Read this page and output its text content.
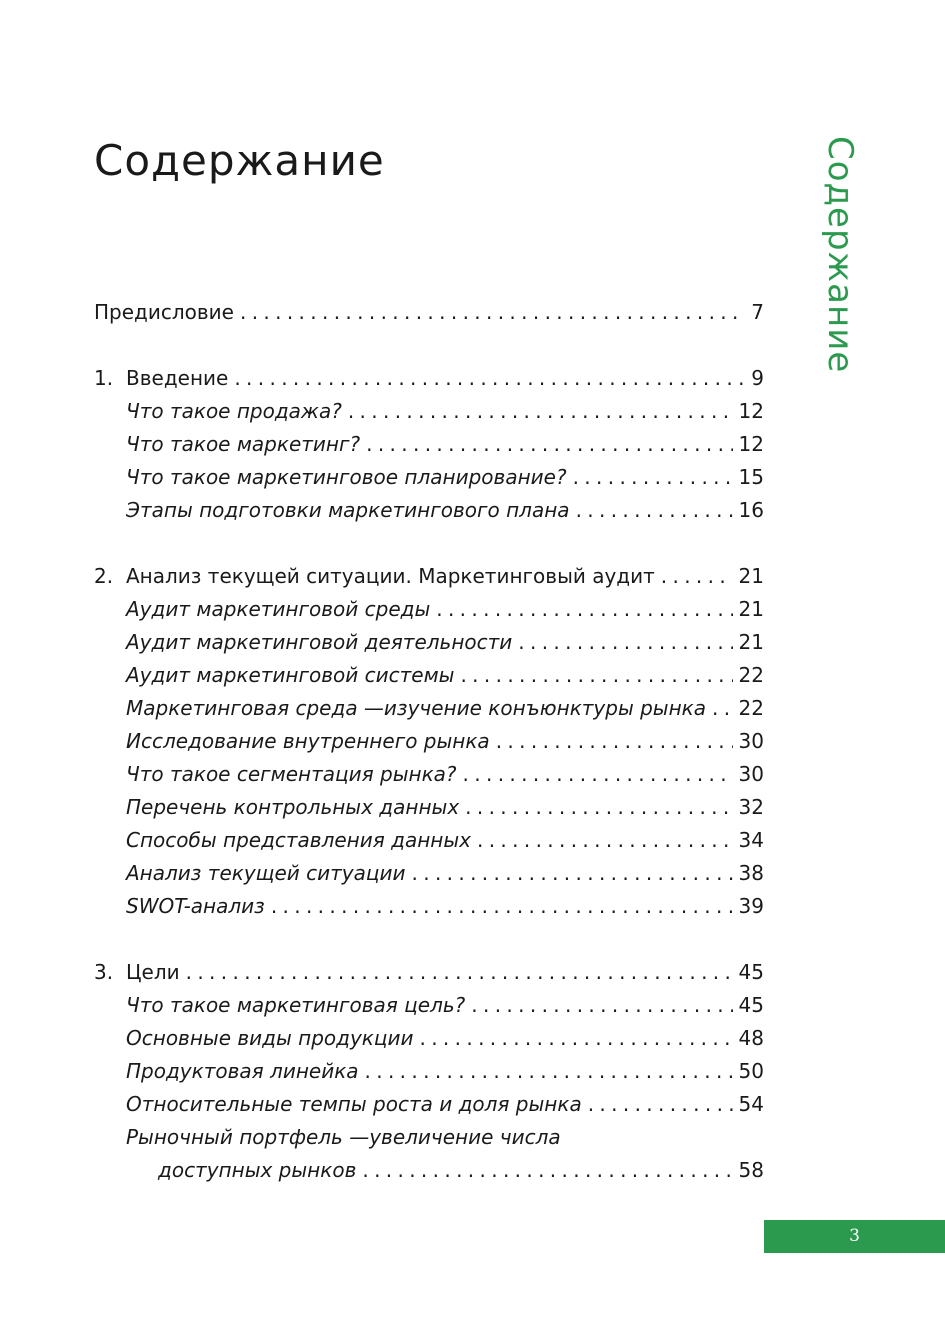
Содержание	Содержание
Предисловие . . .	7
1. Введение . . .	9
Что такое продажа? . . .	12
Что такое маркетинг? . . .	12
Что такое маркетинговое планирование? . . .	15
Этапы подготовки маркетингового плана . . .	16
2. Анализ текущей ситуации. Маркетинговый аудит . . .	21
Аудит маркетинговой среды . . .	21
Аудит маркетинговой деятельности . . .	21
Аудит маркетинговой системы . . .	22
Маркетинговая среда —изучение конъюнктуры рынка . . . 22
Исследование внутреннего рынка . . .	30
Что такое сегментация рынка? . . .	30
Перечень контрольных данных . . .	32
Способы представления данных . . .	34
Анализ текущей ситуации . . .	38
SWOT-анализ . . .	39
3. Цели . . .	45
Что такое маркетинговая цель? . . .	45
Основные виды продукции . . .	48
Продуктовая линейка . . .	50
Относительные темпы роста и доля рынка . . .	54
Рыночный портфель —увеличение числа
доступных рынков . . .	58
3
